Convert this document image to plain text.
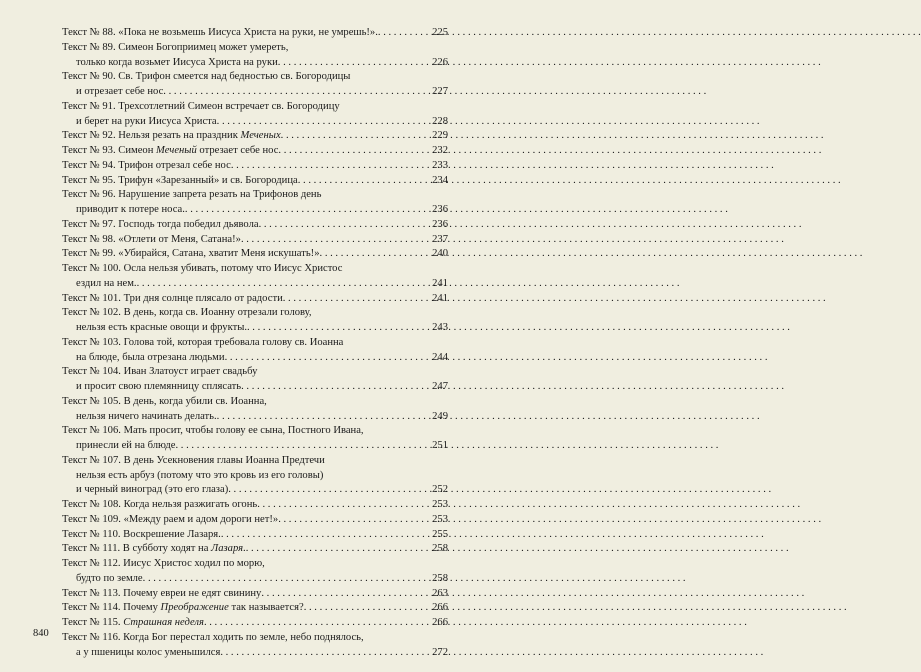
Текст № 88. «Пока не возьмешь Иисуса Христа на руки, не умрешь!». . . .	225
Текст № 89. Симеон Богоприимец может умереть,
только когда возьмет Иисуса Христа на руки . . .	226
Текст № 90. Св. Трифон смеется над бедностью св. Богородицы
и отрезает себе нос . . .	227
Текст № 91. Трехсотлетний Симеон встречает св. Богородицу
и берет на руки Иисуса Христа . . .	228
Текст № 92. Нельзя резать на праздник Меченых . . .	229
Текст № 93. Симеон Меченый отрезает себе нос . . .	232
Текст № 94. Трифон отрезал себе нос . . .	233
Текст № 95. Трифун «Зарезанный» и св. Богородица . . .	234
Текст № 96. Нарушение запрета резать на Трифонов день
приводит к потере носа. . . .	236
Текст № 97. Господь тогда победил дьявола . . .	236
Текст № 98. «Отлети от Меня, Сатана!» . . .	237
Текст № 99. «Убирайся, Сатана, хватит Меня искушать!» . . .	240
Текст № 100. Осла нельзя убивать, потому что Иисус Христос
ездил на нем. . . .	241
Текст № 101. Три дня солнце плясало от радости . . .	241
Текст № 102. В день, когда св. Иоанну отрезали голову,
нельзя есть красные овощи и фрукты. . . .	243
Текст № 103. Голова той, которая требовала голову св. Иоанна
на блюде, была отрезана людьми . . .	244
Текст № 104. Иван Златоуст играет свадьбу
и просит свою племянницу сплясать . . .	247
Текст № 105. В день, когда убили св. Иоанна,
нельзя ничего начинать делать. . . .	249
Текст № 106. Мать просит, чтобы голову ее сына, Постного Ивана,
принесли ей на блюде . . .	251
Текст № 107. В день Усекновения главы Иоанна Предтечи
нельзя есть арбуз (потому что это кровь из его головы)
и черный виноград (это его глаза) . . .	252
Текст № 108. Когда нельзя разжигать огонь . . .	253
Текст № 109. «Между раем и адом дороги нет!» . . .	253
Текст № 110. Воскрешение Лазаря. . . .	255
Текст № 111. В субботу ходят на Лазаря. . . .	258
Текст № 112. Иисус Христос ходил по морю,
будто по земле . . .	258
Текст № 113. Почему евреи не едят свинину . . .	263
Текст № 114. Почему Преображение так называется? . . .	266
Текст № 115. Страшная неделя . . .	266
Текст № 116. Когда Бог перестал ходить по земле, небо поднялось,
а у пшеницы колос уменьшился . . .	272
840
